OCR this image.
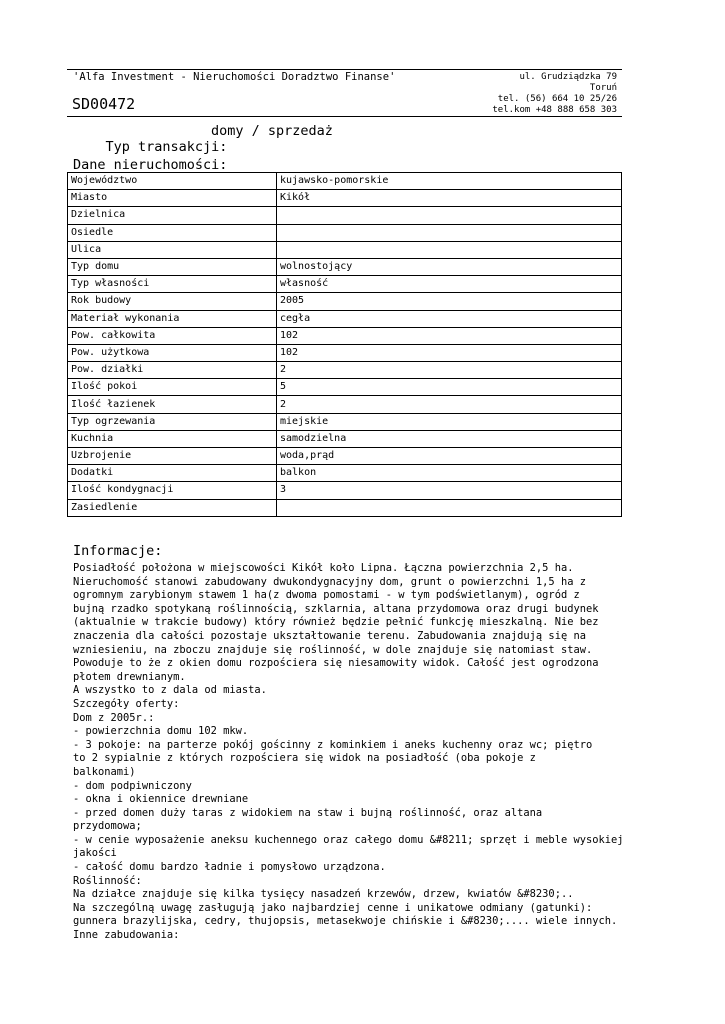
'Alfa Investment - Nieruchomości Doradztwo Finanse'
SD00472
ul. Grudziądzka 79
Toruń
tel. (56) 664 10 25/26
tel.kom +48 888 658 303

Typ transakcji:

domy / sprzedaż

Dane nieruchomości:
Województwo	kujawsko-pomorskie
Miasto	Kikół
Dzielnica	
Osiedle	
Ulica	
Typ domu	wolnostojący
Typ własności	własność
Rok budowy	2005
Materiał wykonania	cegła
Pow. całkowita	102
Pow. użytkowa	102
Pow. działki	2
Ilość pokoi	5
Ilość łazienek	2
Typ ogrzewania	miejskie
Kuchnia	samodzielna
Uzbrojenie	woda,prąd
Dodatki	balkon
Ilość kondygnacji	3
Zasiedlenie	
Informacje:
Posiadłość położona w miejscowości Kikół koło Lipna. Łączna powierzchnia 2,5 ha.
Nieruchomość stanowi zabudowany dwukondygnacyjny dom, grunt o powierzchni 1,5 ha z
ogromnym zarybionym stawem 1 ha(z dwoma pomostami - w tym podświetlanym), ogród z
bujną rzadko spotykaną roślinnością, szklarnia, altana przydomowa oraz drugi budynek
(aktualnie w trakcie budowy) który również będzie pełnić funkcję mieszkalną. Nie bez
znaczenia dla całości pozostaje ukształtowanie terenu. Zabudowania znajdują się na
wzniesieniu, na zboczu znajduje się roślinność, w dole znajduje się natomiast staw.
Powoduje to że z okien domu rozpościera się niesamowity widok. Całość jest ogrodzona
płotem drewnianym.
A wszystko to z dala od miasta.
Szczegóły oferty:
Dom z 2005r.:
- powierzchnia domu 102 mkw.
- 3 pokoje: na parterze pokój gościnny z kominkiem i aneks kuchenny oraz wc; piętro
to 2 sypialnie z których rozpościera się widok na posiadłość (oba pokoje z
balkonami)
- dom podpiwniczony
- okna i okiennice drewniane
- przed domen duży taras z widokiem na staw i bujną roślinność, oraz altana
przydomowa;
- w cenie wyposażenie aneksu kuchennego oraz całego domu &#8211; sprzęt i meble wysokiej
jakości
- całość domu bardzo ładnie i pomysłowo urządzona.
Roślinność:
Na działce znajduje się kilka tysięcy nasadzeń krzewów, drzew, kwiatów &#8230;..
Na szczególną uwagę zasługują jako najbardziej cenne i unikatowe odmiany (gatunki):
gunnera brazylijska, cedry, thujopsis, metasekwoje chińskie i &#8230;.... wiele innych.
Inne zabudowania:
